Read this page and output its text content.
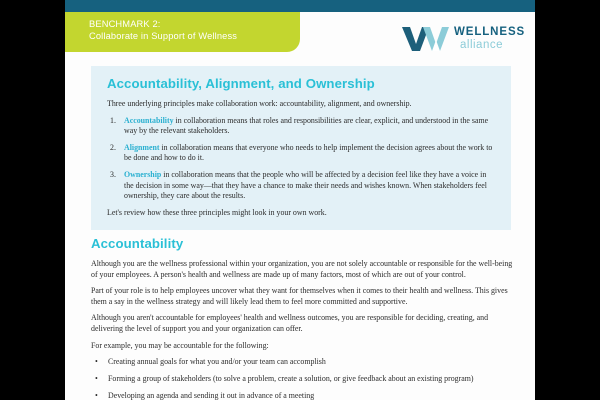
BENCHMARK 2:
Collaborate in Support of Wellness	WELLNESS
alliance
Accountability, Alignment, and Ownership

Three underlying principles make collaboration work: accountability, alignment, and ownership.

1. Accountability in collaboration means that roles and responsibilities are clear, explicit, and understood in the same way by the relevant stakeholders.
2. Alignment in collaboration means that everyone who needs to help implement the decision agrees about the work to be done and how to do it.
3. Ownership in collaboration means that the people who will be affected by a decision feel like they have a voice in the decision in some way—that they have a chance to make their needs and wishes known. When stakeholders feel ownership, they care about the results.

Let's review how these three principles might look in your own work.

Accountability

Although you are the wellness professional within your organization, you are not solely accountable or responsible for the well-being of your employees. A person's health and wellness are made up of many factors, most of which are out of your control.

Part of your role is to help employees uncover what they want for themselves when it comes to their health and wellness. This gives them a say in the wellness strategy and will likely lead them to feel more committed and supportive.

Although you aren't accountable for employees' health and wellness outcomes, you are responsible for deciding, creating, and delivering the level of support you and your organization can offer.

For example, you may be accountable for the following:

• Creating annual goals for what you and/or your team can accomplish
• Forming a group of stakeholders (to solve a problem, create a solution, or give feedback about an existing program)
• Developing an agenda and sending it out in advance of a meeting
